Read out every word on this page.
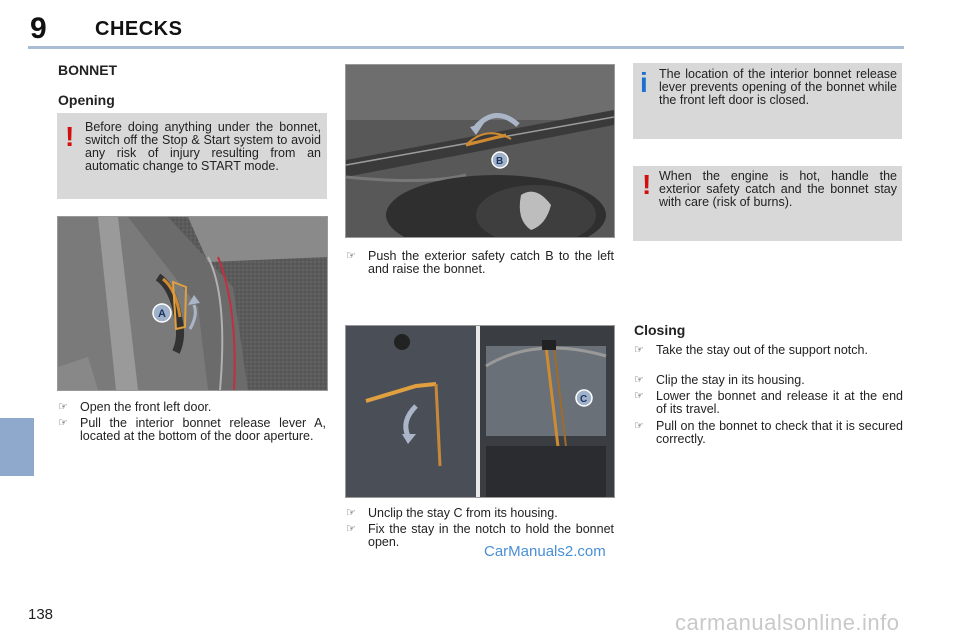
9 CHECKS
138
BONNET
Opening
! Before doing anything under the bonnet, switch off the Stop & Start system to avoid any risk of injury resulting from an automatic change to START mode.
A
☞ Open the front left door.
☞ Pull the interior bonnet release lever A, located at the bottom of the door aperture.
B
☞ Push the exterior safety catch B to the left and raise the bonnet.
C
☞ Unclip the stay C from its housing.
☞ Fix the stay in the notch to hold the bonnet open.
i The location of the interior bonnet release lever prevents opening of the bonnet while the front left door is closed.
! When the engine is hot, handle the exterior safety catch and the bonnet stay with care (risk of burns).
Closing
☞ Take the stay out of the support notch.
☞ Clip the stay in its housing.
☞ Lower the bonnet and release it at the end of its travel.
☞ Pull on the bonnet to check that it is secured correctly.
CarManuals2.com
carmanualsonline.info
